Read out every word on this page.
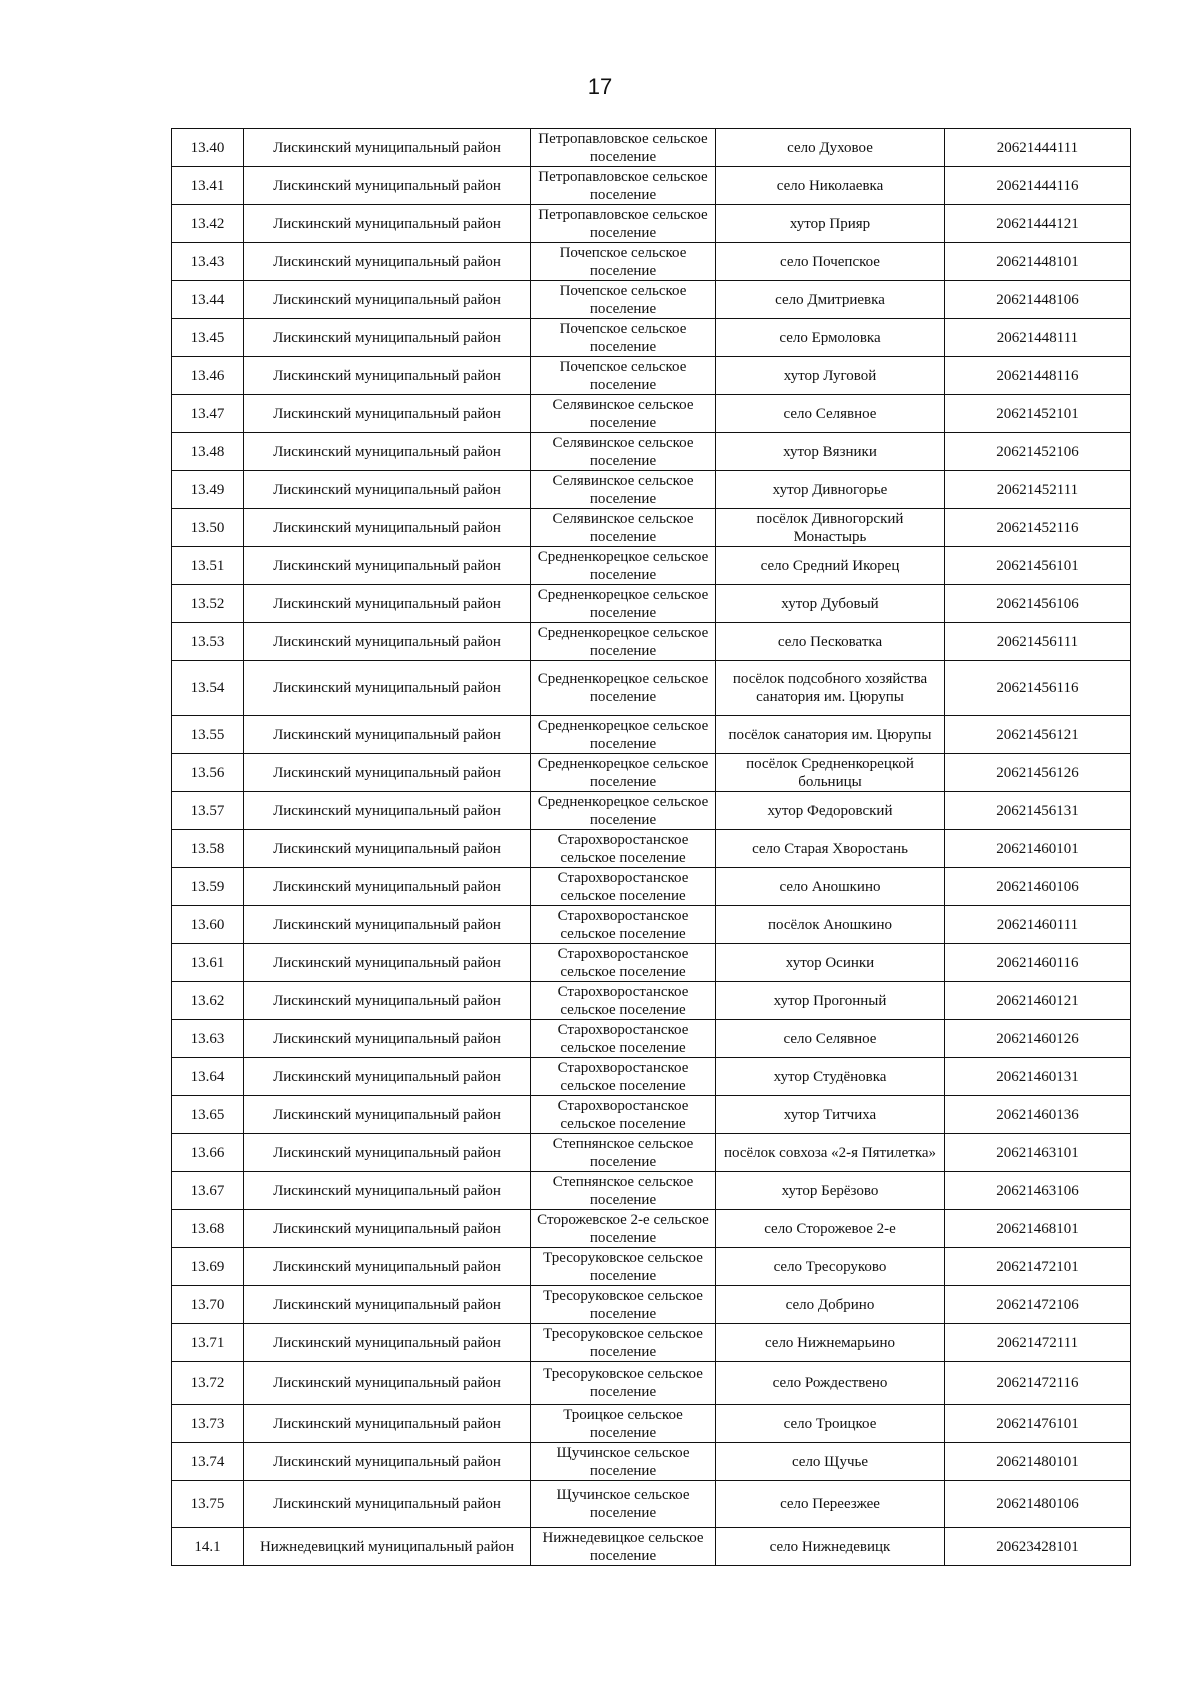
17
13.40	Лискинский муниципальный район	Петропавловское сельское поселение	село Духовое	20621444111
13.41	Лискинский муниципальный район	Петропавловское сельское поселение	село Николаевка	20621444116
13.42	Лискинский муниципальный район	Петропавловское сельское поселение	хутор Прияр	20621444121
13.43	Лискинский муниципальный район	Почепское сельское поселение	село Почепское	20621448101
13.44	Лискинский муниципальный район	Почепское сельское поселение	село Дмитриевка	20621448106
13.45	Лискинский муниципальный район	Почепское сельское поселение	село Ермоловка	20621448111
13.46	Лискинский муниципальный район	Почепское сельское поселение	хутор Луговой	20621448116
13.47	Лискинский муниципальный район	Селявинское сельское поселение	село Селявное	20621452101
13.48	Лискинский муниципальный район	Селявинское сельское поселение	хутор Вязники	20621452106
13.49	Лискинский муниципальный район	Селявинское сельское поселение	хутор Дивногорье	20621452111
13.50	Лискинский муниципальный район	Селявинское сельское поселение	посёлок Дивногорский Монастырь	20621452116
13.51	Лискинский муниципальный район	Средненкорецкое сельское поселение	село Средний Икорец	20621456101
13.52	Лискинский муниципальный район	Средненкорецкое сельское поселение	хутор Дубовый	20621456106
13.53	Лискинский муниципальный район	Средненкорецкое сельское поселение	село Песковатка	20621456111
13.54	Лискинский муниципальный район	Средненкорецкое сельское поселение	посёлок подсобного хозяйства санатория им. Цюрупы	20621456116
13.55	Лискинский муниципальный район	Средненкорецкое сельское поселение	посёлок санатория им. Цюрупы	20621456121
13.56	Лискинский муниципальный район	Средненкорецкое сельское поселение	посёлок Средненкорецкой больницы	20621456126
13.57	Лискинский муниципальный район	Средненкорецкое сельское поселение	хутор Федоровский	20621456131
13.58	Лискинский муниципальный район	Старохворостанское сельское поселение	село Старая Хворостань	20621460101
13.59	Лискинский муниципальный район	Старохворостанское сельское поселение	село Аношкино	20621460106
13.60	Лискинский муниципальный район	Старохворостанское сельское поселение	посёлок Аношкино	20621460111
13.61	Лискинский муниципальный район	Старохворостанское сельское поселение	хутор Осинки	20621460116
13.62	Лискинский муниципальный район	Старохворостанское сельское поселение	хутор Прогонный	20621460121
13.63	Лискинский муниципальный район	Старохворостанское сельское поселение	село Селявное	20621460126
13.64	Лискинский муниципальный район	Старохворостанское сельское поселение	хутор Студёновка	20621460131
13.65	Лискинский муниципальный район	Старохворостанское сельское поселение	хутор Титчиха	20621460136
13.66	Лискинский муниципальный район	Степнянское сельское поселение	посёлок совхоза «2-я Пятилетка»	20621463101
13.67	Лискинский муниципальный район	Степнянское сельское поселение	хутор Берёзово	20621463106
13.68	Лискинский муниципальный район	Сторожевское 2-е сельское поселение	село Сторожевое 2-е	20621468101
13.69	Лискинский муниципальный район	Тресоруковское сельское поселение	село Тресоруково	20621472101
13.70	Лискинский муниципальный район	Тресоруковское сельское поселение	село Добрино	20621472106
13.71	Лискинский муниципальный район	Тресоруковское сельское поселение	село Нижнемарьино	20621472111
13.72	Лискинский муниципальный район	Тресоруковское сельское поселение	село Рождествено	20621472116
13.73	Лискинский муниципальный район	Троицкое сельское поселение	село Троицкое	20621476101
13.74	Лискинский муниципальный район	Щучинское сельское поселение	село Щучье	20621480101
13.75	Лискинский муниципальный район	Щучинское сельское поселение	село Переезжее	20621480106
14.1	Нижнедевицкий муниципальный район	Нижнедевицкое сельское поселение	село Нижнедевицк	20623428101
